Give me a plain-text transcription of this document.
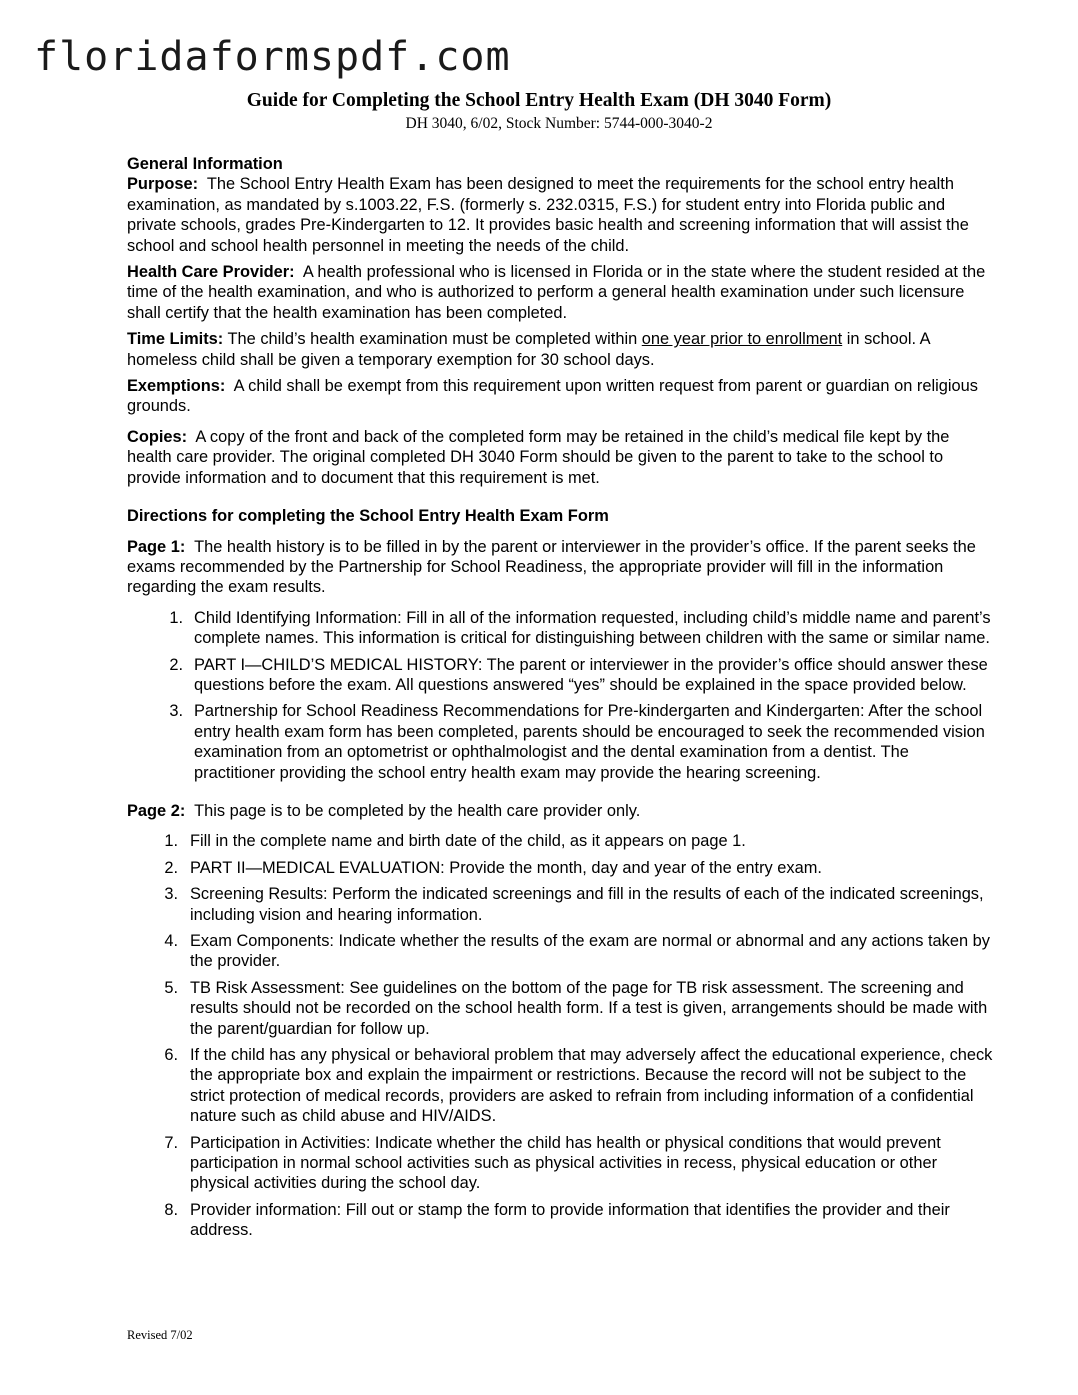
floridaformspdf.com
Guide for Completing the School Entry Health Exam (DH 3040 Form)
DH 3040, 6/02, Stock Number: 5744-000-3040-2

General Information

Purpose: The School Entry Health Exam has been designed to meet the requirements for the school entry health examination, as mandated by s.1003.22, F.S. (formerly s. 232.0315, F.S.) for student entry into Florida public and private schools, grades Pre-Kindergarten to 12. It provides basic health and screening information that will assist the school and school health personnel in meeting the needs of the child.

Health Care Provider: A health professional who is licensed in Florida or in the state where the student resided at the time of the health examination, and who is authorized to perform a general health examination under such licensure shall certify that the health examination has been completed.

Time Limits: The child’s health examination must be completed within one year prior to enrollment in school. A homeless child shall be given a temporary exemption for 30 school days.

Exemptions: A child shall be exempt from this requirement upon written request from parent or guardian on religious grounds.

Copies: A copy of the front and back of the completed form may be retained in the child’s medical file kept by the health care provider. The original completed DH 3040 Form should be given to the parent to take to the school to provide information and to document that this requirement is met.

Directions for completing the School Entry Health Exam Form

Page 1: The health history is to be filled in by the parent or interviewer in the provider’s office. If the parent seeks the exams recommended by the Partnership for School Readiness, the appropriate provider will fill in the information regarding the exam results.

1. Child Identifying Information: Fill in all of the information requested, including child’s middle name and parent’s complete names. This information is critical for distinguishing between children with the same or similar name.
2. PART I—CHILD’S MEDICAL HISTORY: The parent or interviewer in the provider’s office should answer these questions before the exam. All questions answered “yes” should be explained in the space provided below.
3. Partnership for School Readiness Recommendations for Pre-kindergarten and Kindergarten: After the school entry health exam form has been completed, parents should be encouraged to seek the recommended vision examination from an optometrist or ophthalmologist and the dental examination from a dentist. The practitioner providing the school entry health exam may provide the hearing screening.

Page 2: This page is to be completed by the health care provider only.

1. Fill in the complete name and birth date of the child, as it appears on page 1.
2. PART II—MEDICAL EVALUATION: Provide the month, day and year of the entry exam.
3. Screening Results: Perform the indicated screenings and fill in the results of each of the indicated screenings, including vision and hearing information.
4. Exam Components: Indicate whether the results of the exam are normal or abnormal and any actions taken by the provider.
5. TB Risk Assessment: See guidelines on the bottom of the page for TB risk assessment. The screening and results should not be recorded on the school health form. If a test is given, arrangements should be made with the parent/guardian for follow up.
6. If the child has any physical or behavioral problem that may adversely affect the educational experience, check the appropriate box and explain the impairment or restrictions. Because the record will not be subject to the strict protection of medical records, providers are asked to refrain from including information of a confidential nature such as child abuse and HIV/AIDS.
7. Participation in Activities: Indicate whether the child has health or physical conditions that would prevent participation in normal school activities such as physical activities in recess, physical education or other physical activities during the school day.
8. Provider information: Fill out or stamp the form to provide information that identifies the provider and their address.
Revised 7/02
